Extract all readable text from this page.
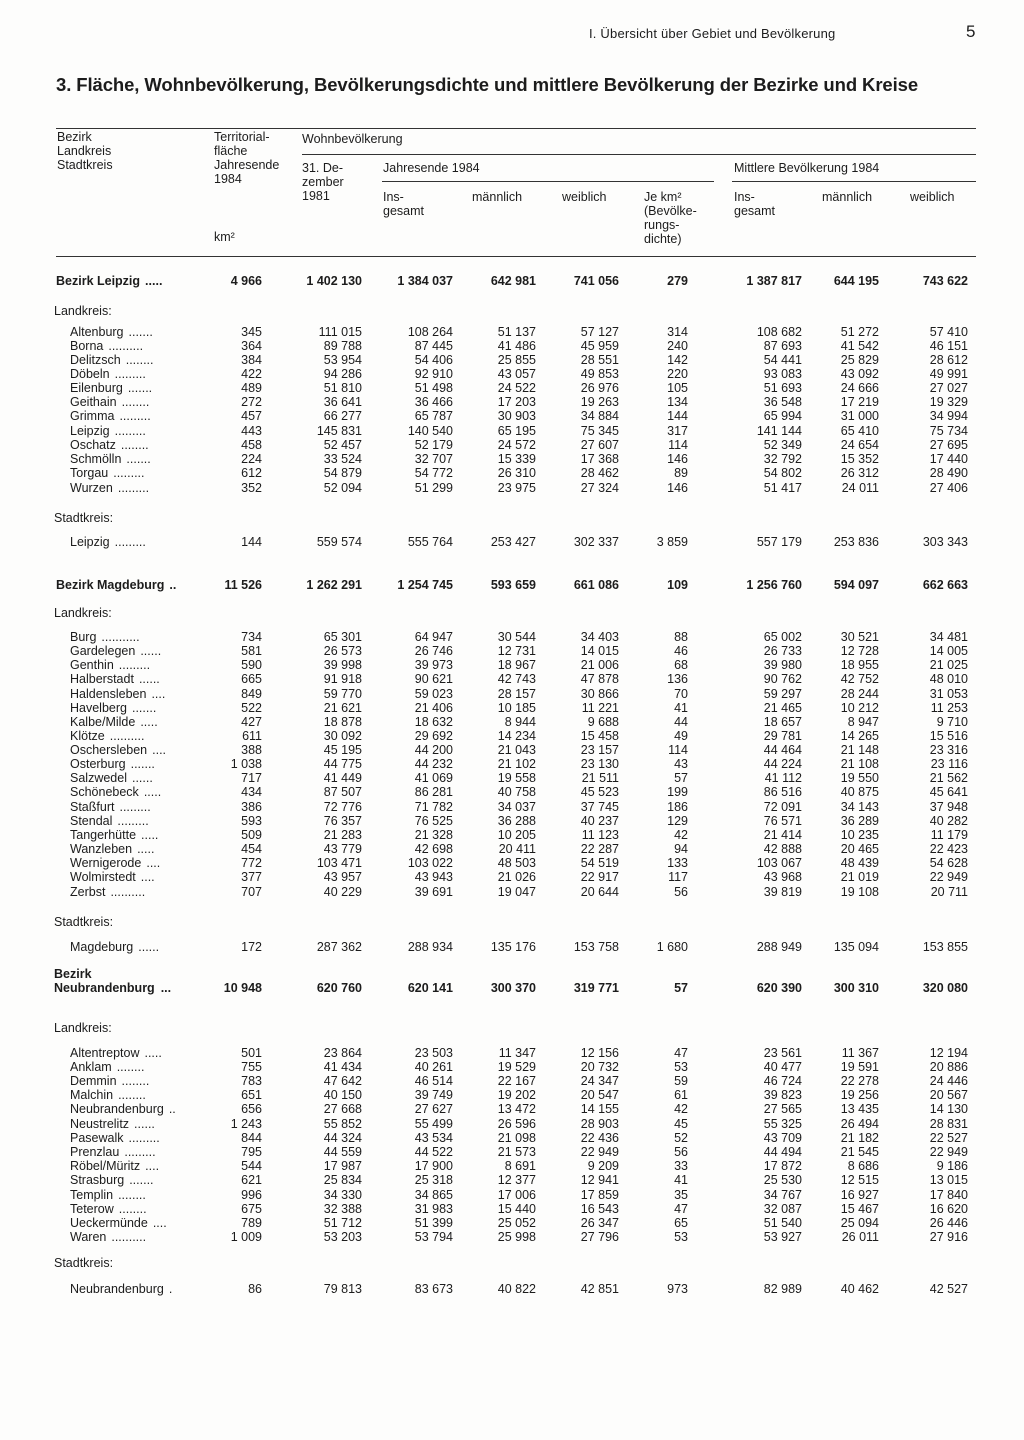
I. Übersicht über Gebiet und Bevölkerung	5
3. Fläche, Wohnbevölkerung, Bevölkerungsdichte und mittlere Bevölkerung der Bezirke und Kreise
Bezirk
Landkreis
Stadtkreis
Territorial-
fläche
Jahresende
1984
km²
Wohnbevölkerung
31. De-
zember
1981
Jahresende 1984	Mittlere Bevölkerung 1984
Ins-
gesamt
männlich	weiblich	Je km²
(Bevölke-
rungs-
dichte)
Ins-
gesamt
männlich	weiblich
Bezirk Leipzig .....	4 966	1 402 130	1 384 037	642 981	741 056	279	1 387 817	644 195	743 622
Landkreis:
Altenburg .......	345	111 015	108 264	51 137	57 127	314	108 682	51 272	57 410
Borna ..........	364	89 788	87 445	41 486	45 959	240	87 693	41 542	46 151
Delitzsch ........	384	53 954	54 406	25 855	28 551	142	54 441	25 829	28 612
Döbeln .........	422	94 286	92 910	43 057	49 853	220	93 083	43 092	49 991
Eilenburg .......	489	51 810	51 498	24 522	26 976	105	51 693	24 666	27 027
Geithain ........	272	36 641	36 466	17 203	19 263	134	36 548	17 219	19 329
Grimma .........	457	66 277	65 787	30 903	34 884	144	65 994	31 000	34 994
Leipzig .........	443	145 831	140 540	65 195	75 345	317	141 144	65 410	75 734
Oschatz ........	458	52 457	52 179	24 572	27 607	114	52 349	24 654	27 695
Schmölln .......	224	33 524	32 707	15 339	17 368	146	32 792	15 352	17 440
Torgau .........	612	54 879	54 772	26 310	28 462	89	54 802	26 312	28 490
Wurzen .........	352	52 094	51 299	23 975	27 324	146	51 417	24 011	27 406
Stadtkreis:
Leipzig .........	144	559 574	555 764	253 427	302 337	3 859	557 179	253 836	303 343
Bezirk Magdeburg ..	11 526	1 262 291	1 254 745	593 659	661 086	109	1 256 760	594 097	662 663
Landkreis:
Burg ...........	734	65 301	64 947	30 544	34 403	88	65 002	30 521	34 481
Gardelegen ......	581	26 573	26 746	12 731	14 015	46	26 733	12 728	14 005
Genthin .........	590	39 998	39 973	18 967	21 006	68	39 980	18 955	21 025
Halberstadt ......	665	91 918	90 621	42 743	47 878	136	90 762	42 752	48 010
Haldensleben ....	849	59 770	59 023	28 157	30 866	70	59 297	28 244	31 053
Havelberg .......	522	21 621	21 406	10 185	11 221	41	21 465	10 212	11 253
Kalbe/Milde .....	427	18 878	18 632	8 944	9 688	44	18 657	8 947	9 710
Klötze ..........	611	30 092	29 692	14 234	15 458	49	29 781	14 265	15 516
Oschersleben ....	388	45 195	44 200	21 043	23 157	114	44 464	21 148	23 316
Osterburg .......	1 038	44 775	44 232	21 102	23 130	43	44 224	21 108	23 116
Salzwedel ......	717	41 449	41 069	19 558	21 511	57	41 112	19 550	21 562
Schönebeck .....	434	87 507	86 281	40 758	45 523	199	86 516	40 875	45 641
Staßfurt .........	386	72 776	71 782	34 037	37 745	186	72 091	34 143	37 948
Stendal .........	593	76 357	76 525	36 288	40 237	129	76 571	36 289	40 282
Tangerhütte .....	509	21 283	21 328	10 205	11 123	42	21 414	10 235	11 179
Wanzleben .....	454	43 779	42 698	20 411	22 287	94	42 888	20 465	22 423
Wernigerode ....	772	103 471	103 022	48 503	54 519	133	103 067	48 439	54 628
Wolmirstedt ....	377	43 957	43 943	21 026	22 917	117	43 968	21 019	22 949
Zerbst ..........	707	40 229	39 691	19 047	20 644	56	39 819	19 108	20 711
Stadtkreis:
Magdeburg ......	172	287 362	288 934	135 176	153 758	1 680	288 949	135 094	153 855
Bezirk
Neubrandenburg ...	10 948	620 760	620 141	300 370	319 771	57	620 390	300 310	320 080
Landkreis:
Altentreptow .....	501	23 864	23 503	11 347	12 156	47	23 561	11 367	12 194
Anklam ........	755	41 434	40 261	19 529	20 732	53	40 477	19 591	20 886
Demmin ........	783	47 642	46 514	22 167	24 347	59	46 724	22 278	24 446
Malchin ........	651	40 150	39 749	19 202	20 547	61	39 823	19 256	20 567
Neubrandenburg ..	656	27 668	27 627	13 472	14 155	42	27 565	13 435	14 130
Neustrelitz ......	1 243	55 852	55 499	26 596	28 903	45	55 325	26 494	28 831
Pasewalk .........	844	44 324	43 534	21 098	22 436	52	43 709	21 182	22 527
Prenzlau .........	795	44 559	44 522	21 573	22 949	56	44 494	21 545	22 949
Röbel/Müritz ....	544	17 987	17 900	8 691	9 209	33	17 872	8 686	9 186
Strasburg .......	621	25 834	25 318	12 377	12 941	41	25 530	12 515	13 015
Templin ........	996	34 330	34 865	17 006	17 859	35	34 767	16 927	17 840
Teterow ........	675	32 388	31 983	15 440	16 543	47	32 087	15 467	16 620
Ueckermünde ....	789	51 712	51 399	25 052	26 347	65	51 540	25 094	26 446
Waren ..........	1 009	53 203	53 794	25 998	27 796	53	53 927	26 011	27 916
Stadtkreis:
Neubrandenburg .	86	79 813	83 673	40 822	42 851	973	82 989	40 462	42 527
